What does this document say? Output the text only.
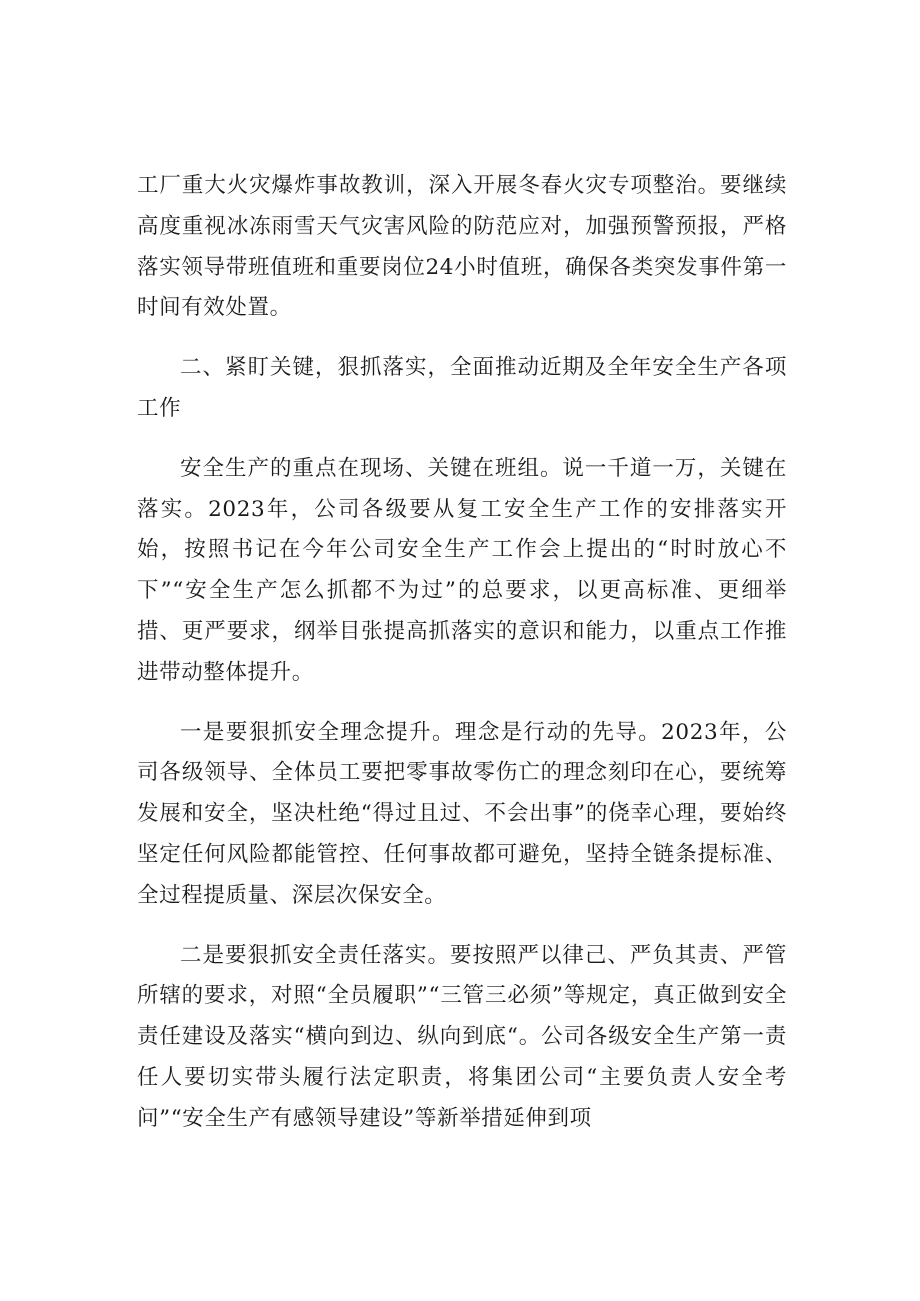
工厂重大火灾爆炸事故教训，深入开展冬春火灾专项整治。要继续高度重视冰冻雨雪天气灾害风险的防范应对，加强预警预报，严格落实领导带班值班和重要岗位24小时值班，确保各类突发事件第一时间有效处置。

二、紧盯关键，狠抓落实，全面推动近期及全年安全生产各项工作

安全生产的重点在现场、关键在班组。说一千道一万，关键在落实。2023年，公司各级要从复工安全生产工作的安排落实开始，按照书记在今年公司安全生产工作会上提出的“时时放心不下”“安全生产怎么抓都不为过”的总要求，以更高标准、更细举措、更严要求，纲举目张提高抓落实的意识和能力，以重点工作推进带动整体提升。

一是要狠抓安全理念提升。理念是行动的先导。2023年，公司各级领导、全体员工要把零事故零伤亡的理念刻印在心，要统筹发展和安全，坚决杜绝“得过且过、不会出事”的侥幸心理，要始终坚定任何风险都能管控、任何事故都可避免，坚持全链条提标准、全过程提质量、深层次保安全。

二是要狠抓安全责任落实。要按照严以律己、严负其责、严管所辖的要求，对照“全员履职”“三管三必须”等规定，真正做到安全责任建设及落实“横向到边、纵向到底“。公司各级安全生产第一责任人要切实带头履行法定职责，将集团公司“主要负责人安全考问”“安全生产有感领导建设”等新举措延伸到项
